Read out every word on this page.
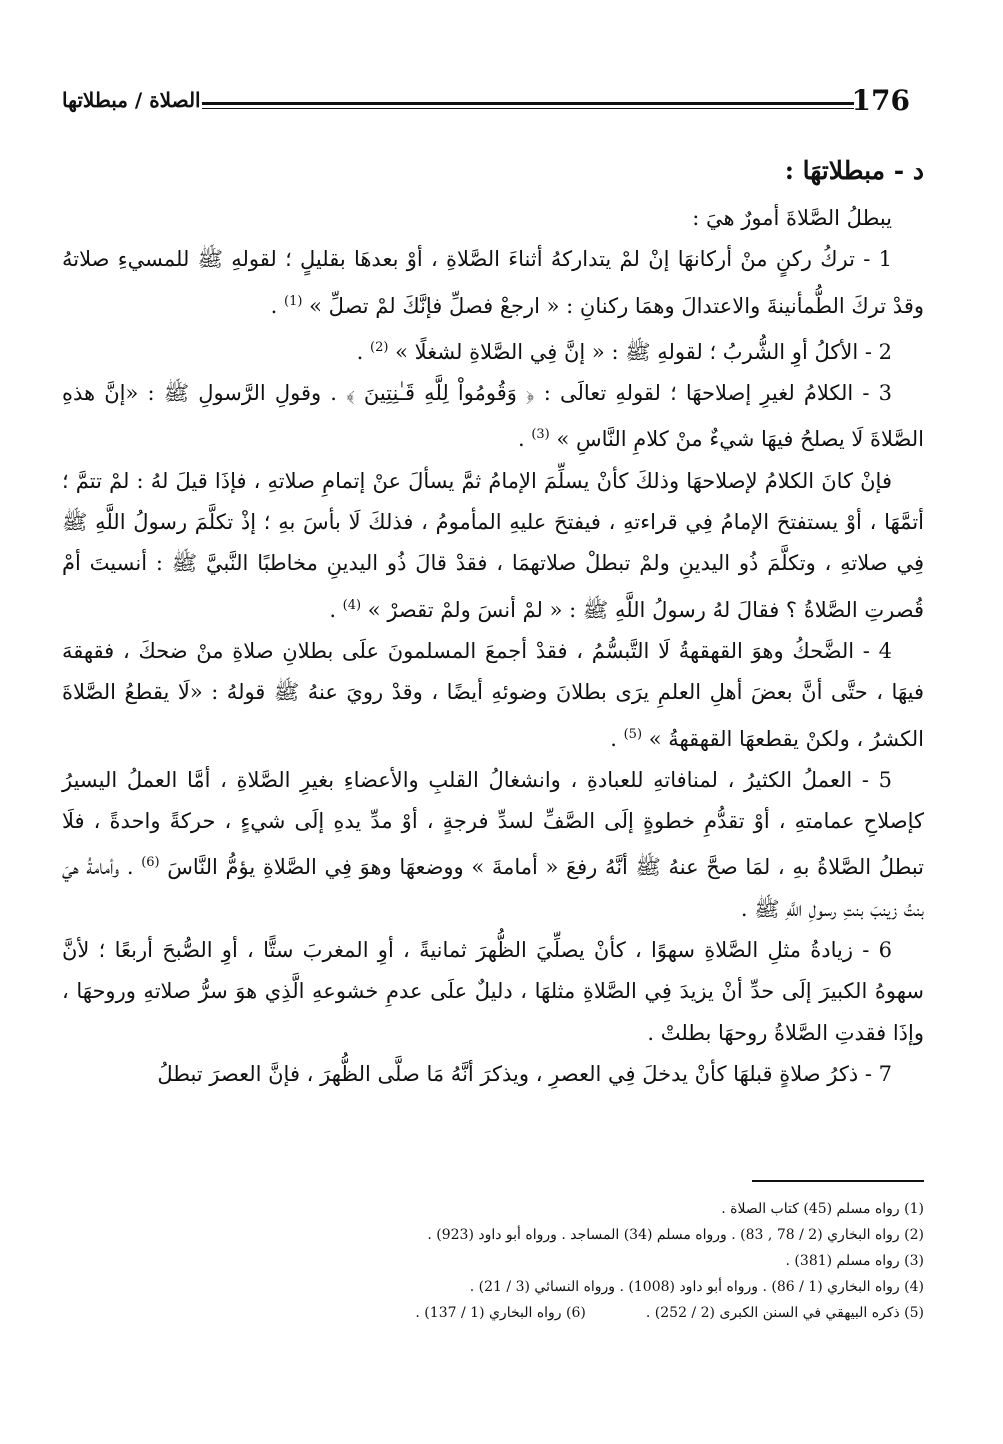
176
الصلاة / مبطلاتها
د - مبطلاتهَا :

يبطلُ الصَّلاةَ أمورٌ هيَ :

1 - تركُ ركنٍ منْ أركانهَا إنْ لمْ يتداركهُ أثناءَ الصَّلاةِ ، أوْ بعدهَا بقليلٍ ؛ لقولهِ ﷺ للمسيءِ صلاتهُ وقدْ تركَ الطُّمأنينةَ والاعتدالَ وهمَا ركنانِ : « ارجعْ فصلِّ فإنَّكَ لمْ تصلِّ » $^{(1)}$ .

2 - الأكلُ أوِ الشُّربُ ؛ لقولهِ ﷺ : « إنَّ فِي الصَّلاةِ لشغلًا » $^{(2)}$ .

3 - الكلامُ لغيرِ إصلاحهَا ؛ لقولهِ تعالَى : ﴿ وَقُومُواْ لِلَّهِ قَـٰنِتِينَ ﴾ . وقولِ الرَّسولِ ﷺ : «إنَّ هذهِ الصَّلاةَ لَا يصلحُ فيهَا شيءٌ منْ كلامِ النَّاسِ » $^{(3)}$ .

فإنْ كانَ الكلامُ لإصلاحهَا وذلكَ كأنْ يسلِّمَ الإمامُ ثمَّ يسألَ عنْ إتمامِ صلاتهِ ، فإذَا قيلَ لهُ : لمْ تتمَّ ؛ أتمَّهَا ، أوْ يستفتحَ الإمامُ فِي قراءتهِ ، فيفتحَ عليهِ المأمومُ ، فذلكَ لَا بأسَ بهِ ؛ إذْ تكلَّمَ رسولُ اللَّهِ ﷺ فِي صلاتهِ ، وتكلَّمَ ذُو اليدينِ ولمْ تبطلْ صلاتهمَا ، فقدْ قالَ ذُو اليدينِ مخاطبًا النَّبيَّ ﷺ : أنسيتَ أمْ قُصرتِ الصَّلاةُ ؟ فقالَ لهُ رسولُ اللَّهِ ﷺ : « لمْ أنسَ ولمْ تقصرْ » $^{(4)}$ .

4 - الضَّحكُ وهوَ القهقهةُ لَا التَّبسُّمُ ، فقدْ أجمعَ المسلمونَ علَى بطلانِ صلاةِ منْ ضحكَ ، فقهقهَ فيهَا ، حتَّى أنَّ بعضَ أهلِ العلمِ يرَى بطلانَ وضوئهِ أيضًا ، وقدْ رويَ عنهُ ﷺ قولهُ : «لَا يقطعُ الصَّلاةَ الكشرُ ، ولكنْ يقطعهَا القهقهةُ » $^{(5)}$ .

5 - العملُ الكثيرُ ، لمنافاتهِ للعبادةِ ، وانشغالُ القلبِ والأعضاءِ بغيرِ الصَّلاةِ ، أمَّا العملُ اليسيرُ كإصلاحِ عمامتهِ ، أوْ تقدُّمِ خطوةٍ إلَى الصَّفِّ لسدِّ فرجةٍ ، أوْ مدِّ يدهِ إلَى شيءٍ ، حركةً واحدةً ، فلَا تبطلُ الصَّلاةُ بهِ ، لمَا صحَّ عنهُ ﷺ أنَّهُ رفعَ « أمامةَ » ووضعهَا وهوَ فِي الصَّلاةِ يؤمُّ النَّاسَ $^{(6)}$ . وأمامةُ هيَ بنتُ زينبَ بنتِ رسولِ اللَّهِ ﷺ .

6 - زيادةُ مثلِ الصَّلاةِ سهوًا ، كأنْ يصلِّيَ الظُّهرَ ثمانيةً ، أوِ المغربَ ستًّا ، أوِ الصُّبحَ أربعًا ؛ لأنَّ سهوهُ الكبيرَ إلَى حدِّ أنْ يزيدَ فِي الصَّلاةِ مثلهَا ، دليلٌ علَى عدمِ خشوعهِ الَّذِي هوَ سرُّ صلاتهِ وروحهَا ، وإذَا فقدتِ الصَّلاةُ روحهَا بطلتْ .

7 - ذكرُ صلاةٍ قبلهَا كأنْ يدخلَ فِي العصرِ ، ويذكرَ أنَّهُ مَا صلَّى الظُّهرَ ، فإنَّ العصرَ تبطلُ

(1) رواه مسلم (45) كتاب الصلاة .

(2) رواه البخاري (2 / 78 , 83) . ورواه مسلم (34) المساجد . ورواه أبو داود (923) .

(3) رواه مسلم (381) .

(4) رواه البخاري (1 / 86) . ورواه أبو داود (1008) . ورواه النسائي (3 / 21) .

(5) ذكره البيهقي في السنن الكبرى (2 / 252) .

(6) رواه البخاري (1 / 137) .
